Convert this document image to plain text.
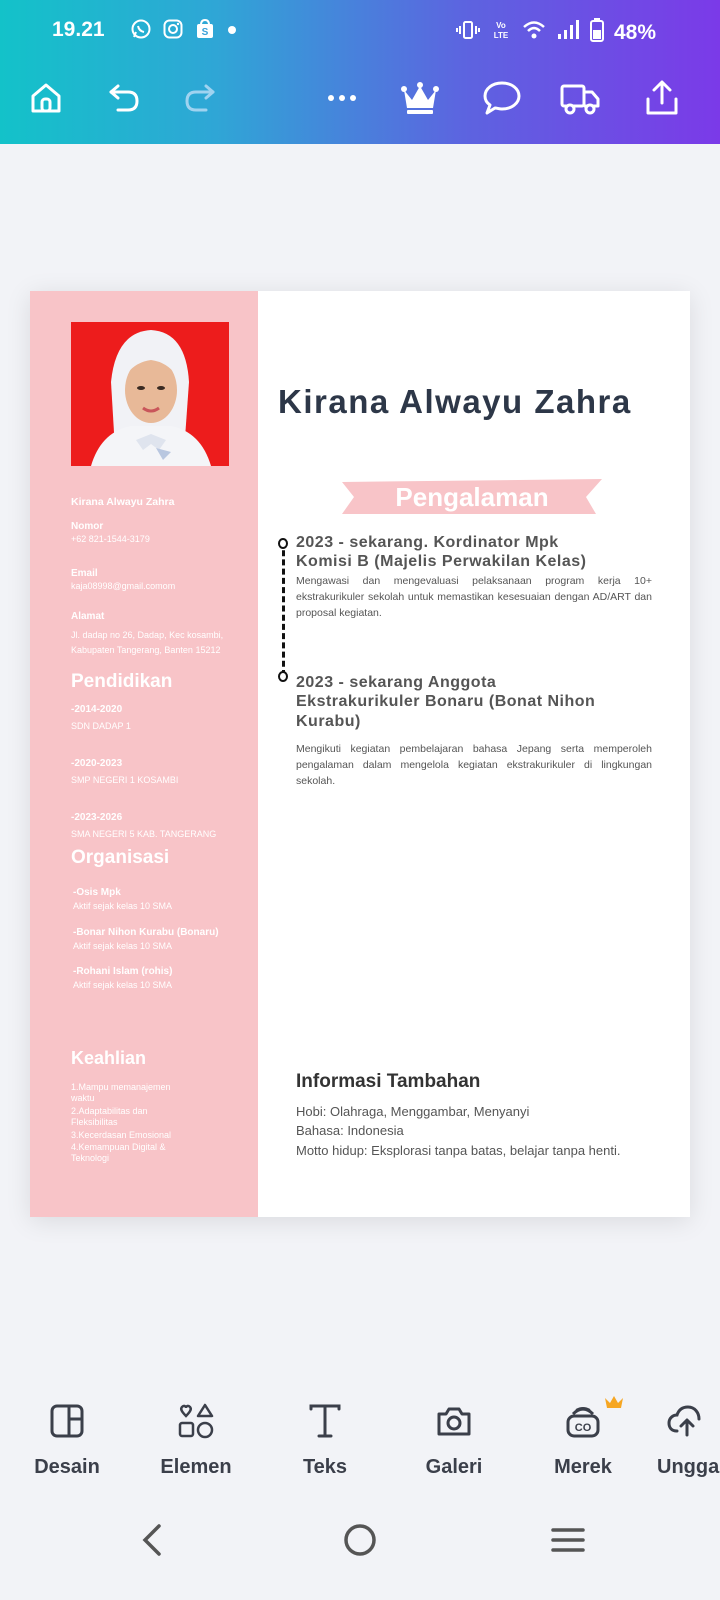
19.21	S
Vo
LTE	48%
Kirana Alwayu Zahra
Nomor
+62 821-1544-3179
Email
kaja08998@gmail.comom
Alamat
Jl. dadap no 26, Dadap, Kec kosambi,
Kabupaten Tangerang, Banten 15212
Pendidikan
-2014-2020
SDN DADAP 1
-2020-2023
SMP NEGERI 1 KOSAMBI
-2023-2026
SMA NEGERI 5 KAB. TANGERANG
Organisasi
-Osis Mpk
Aktif sejak kelas 10 SMA
-Bonar Nihon Kurabu (Bonaru)
Aktif sejak kelas 10 SMA
-Rohani Islam (rohis)
Aktif sejak kelas 10 SMA
Keahlian
1.Mampu memanajemen
waktu
2.Adaptabilitas dan
Fleksibilitas
3.Kecerdasan Emosional
4.Kemampuan Digital &
Teknologi
Kirana Alwayu Zahra
Pengalaman
2023 - sekarang. Kordinator Mpk
Komisi B (Majelis Perwakilan Kelas)
Mengawasi dan mengevaluasi pelaksanaan program kerja 10+ ekstrakurikuler sekolah untuk memastikan kesesuaian dengan AD/ART dan proposal kegiatan.
2023 - sekarang Anggota
Ekstrakurikuler Bonaru (Bonat Nihon
Kurabu)
Mengikuti kegiatan pembelajaran bahasa Jepang serta memperoleh pengalaman dalam mengelola kegiatan ekstrakurikuler di lingkungan sekolah.
Informasi Tambahan
Hobi: Olahraga, Menggambar, Menyanyi
Bahasa: Indonesia
Motto hidup: Eksplorasi tanpa batas, belajar tanpa henti.
Desain	Elemen	Teks	Galeri
CO
Merek	Ungga
